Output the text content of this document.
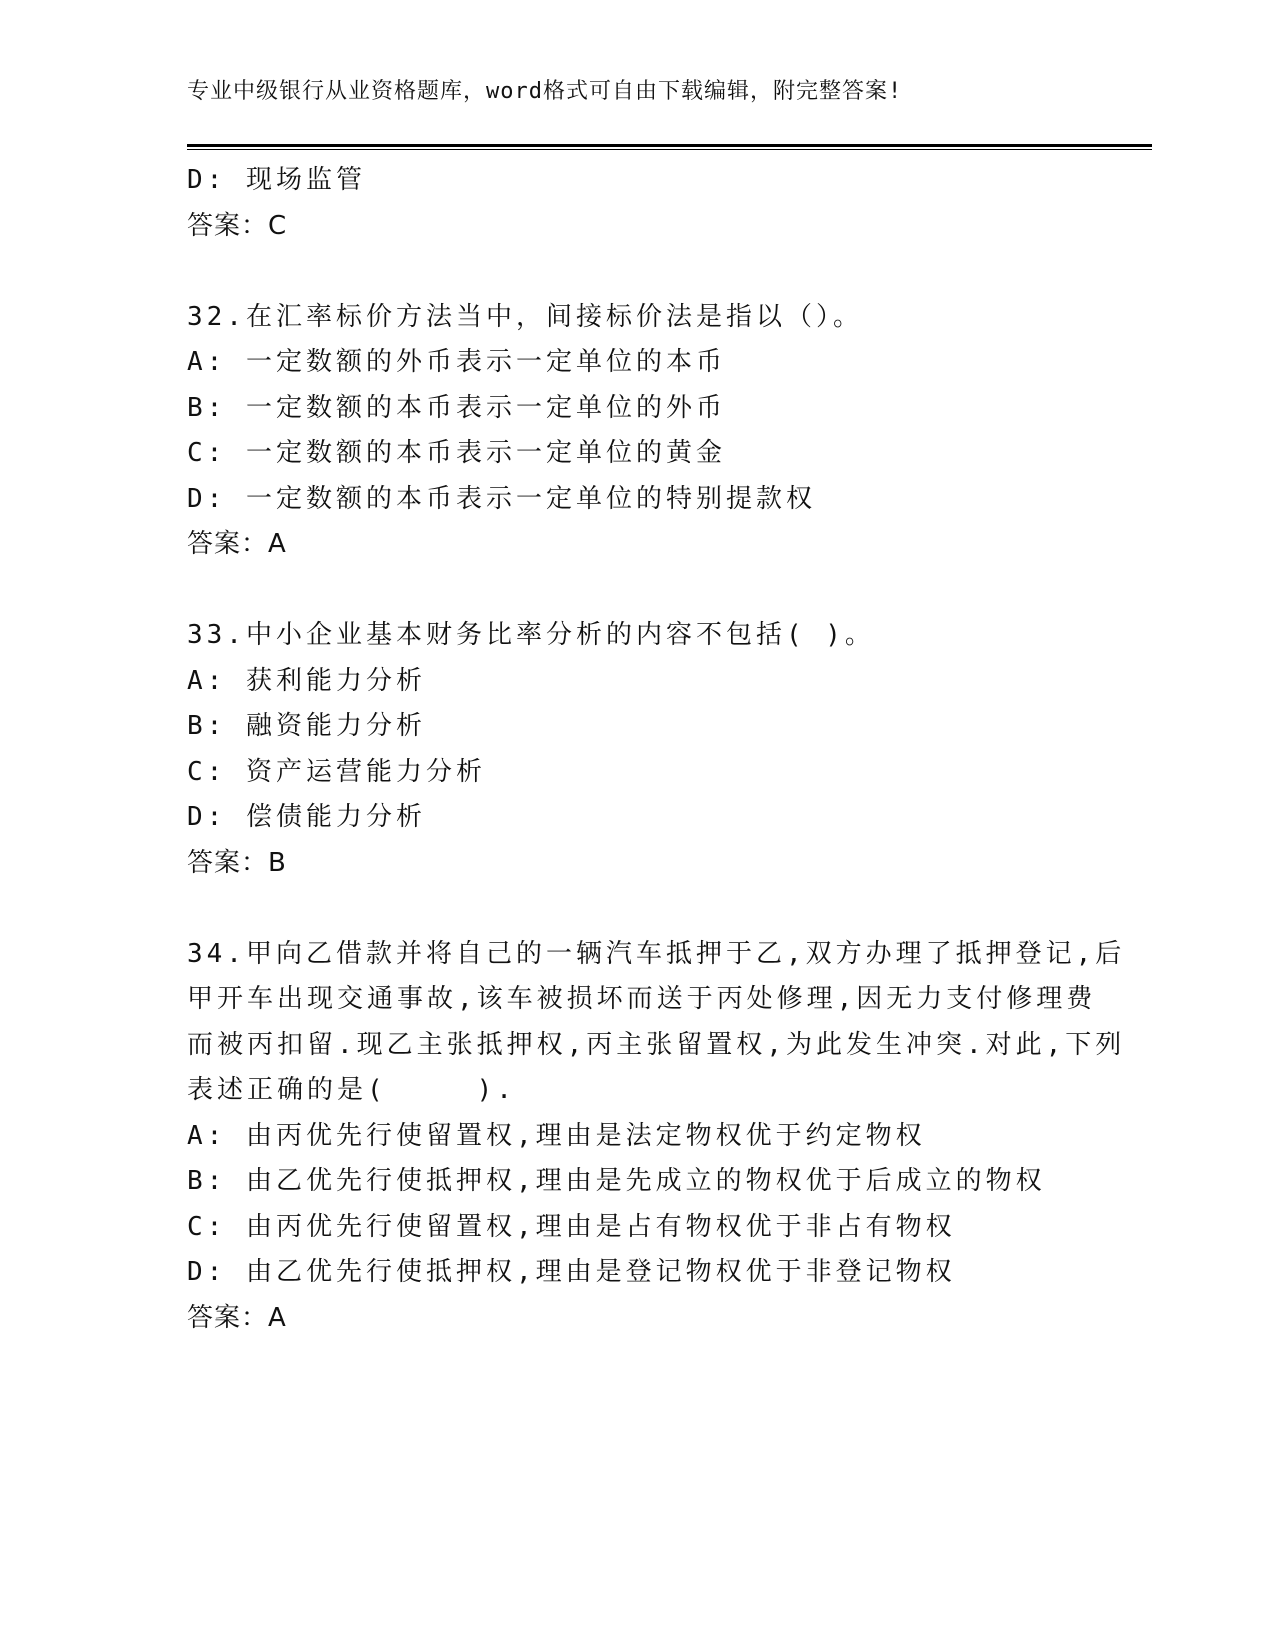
专业中级银行从业资格题库，word格式可自由下载编辑，附完整答案!
D: 现场监管
答案：C
32.在汇率标价方法当中，间接标价法是指以（）。
A: 一定数额的外币表示一定单位的本币
B: 一定数额的本币表示一定单位的外币
C: 一定数额的本币表示一定单位的黄金
D: 一定数额的本币表示一定单位的特别提款权
答案：A
33.中小企业基本财务比率分析的内容不包括( )。
A: 获利能力分析
B: 融资能力分析
C: 资产运营能力分析
D: 偿债能力分析
答案：B
34.甲向乙借款并将自己的一辆汽车抵押于乙,双方办理了抵押登记,后
甲开车出现交通事故,该车被损坏而送于丙处修理,因无力支付修理费
而被丙扣留.现乙主张抵押权,丙主张留置权,为此发生冲突.对此,下列
表述正确的是(　　　).
A: 由丙优先行使留置权,理由是法定物权优于约定物权
B: 由乙优先行使抵押权,理由是先成立的物权优于后成立的物权
C: 由丙优先行使留置权,理由是占有物权优于非占有物权
D: 由乙优先行使抵押权,理由是登记物权优于非登记物权
答案：A
